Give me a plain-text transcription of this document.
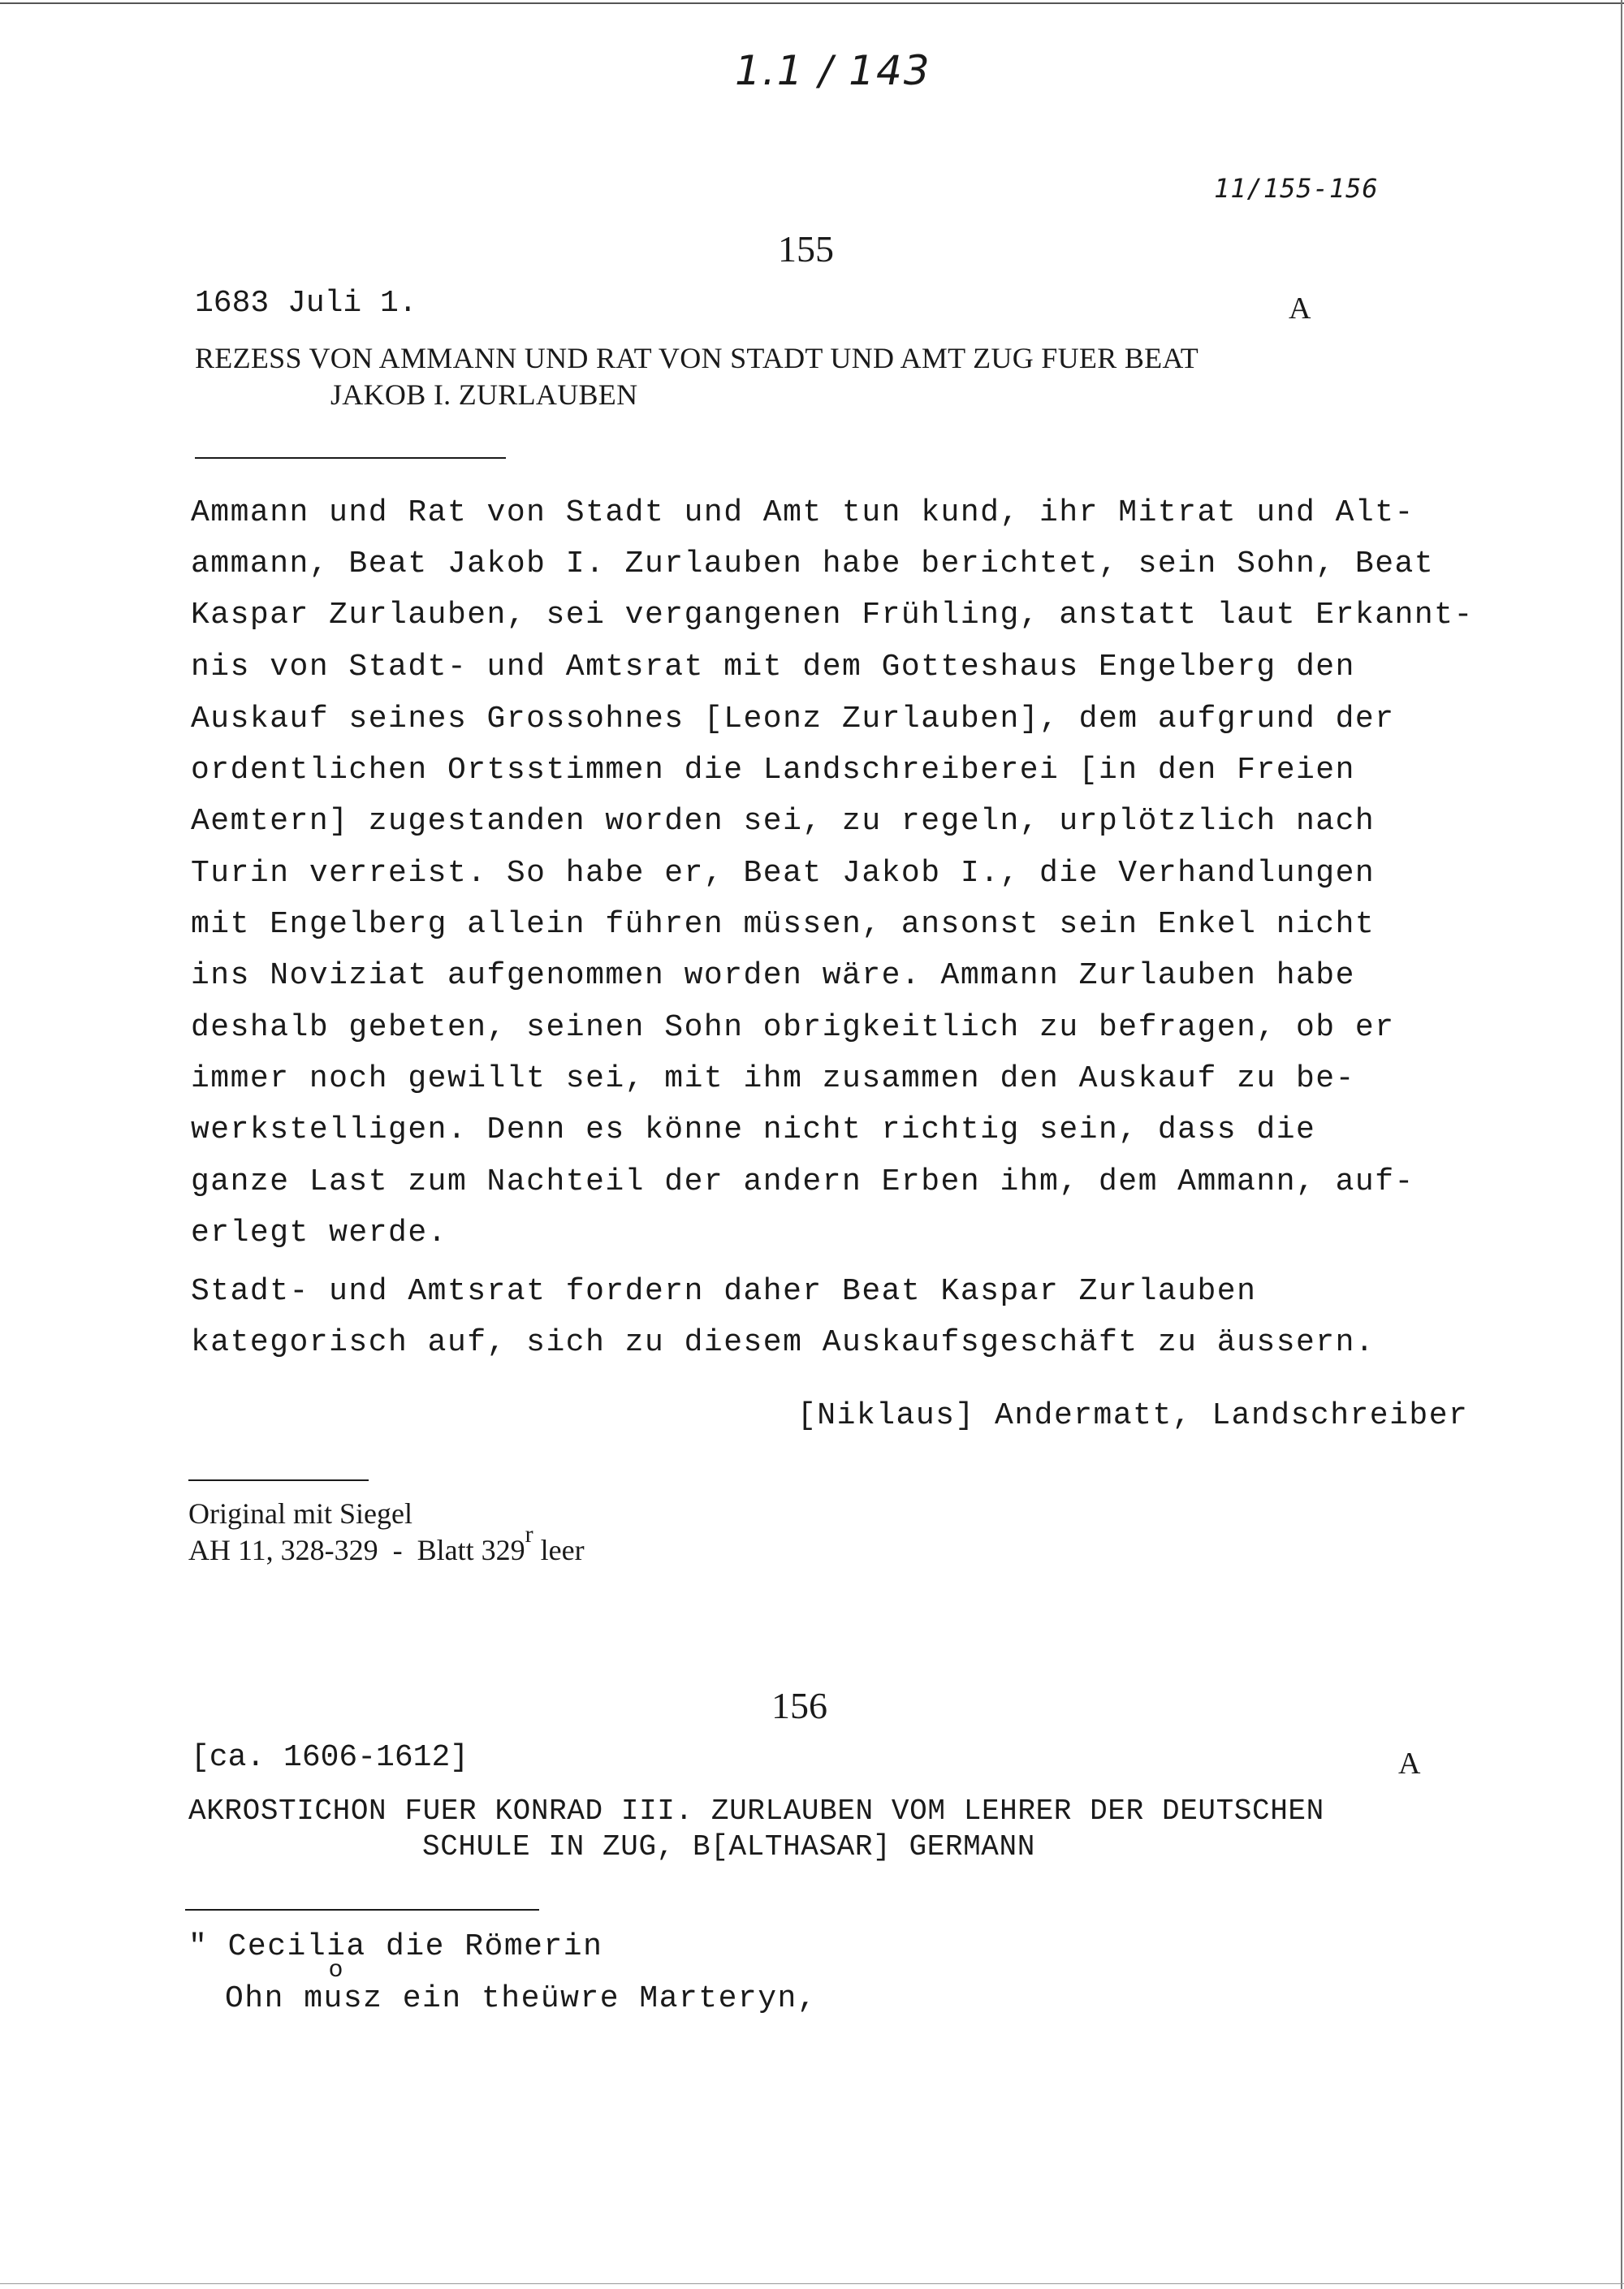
1.1 / 143
11/155-156
155
1683 Juli 1.	A
REZESS VON AMMANN UND RAT VON STADT UND AMT ZUG FUER BEAT
JAKOB I. ZURLAUBEN
Ammann und Rat von Stadt und Amt tun kund, ihr Mitrat und Alt-
ammann, Beat Jakob I. Zurlauben habe berichtet, sein Sohn, Beat
Kaspar Zurlauben, sei vergangenen Frühling, anstatt laut Erkannt-
nis von Stadt- und Amtsrat mit dem Gotteshaus Engelberg den
Auskauf seines Grossohnes [Leonz Zurlauben], dem aufgrund der
ordentlichen Ortsstimmen die Landschreiberei [in den Freien
Aemtern] zugestanden worden sei, zu regeln, urplötzlich nach
Turin verreist. So habe er, Beat Jakob I., die Verhandlungen
mit Engelberg allein führen müssen, ansonst sein Enkel nicht
ins Noviziat aufgenommen worden wäre. Ammann Zurlauben habe
deshalb gebeten, seinen Sohn obrigkeitlich zu befragen, ob er
immer noch gewillt sei, mit ihm zusammen den Auskauf zu be-
werkstelligen. Denn es könne nicht richtig sein, dass die
ganze Last zum Nachteil der andern Erben ihm, dem Ammann, auf-
erlegt werde.
Stadt- und Amtsrat fordern daher Beat Kaspar Zurlauben
kategorisch auf, sich zu diesem Auskaufsgeschäft zu äussern.
[Niklaus] Andermatt, Landschreiber
Original mit Siegel
AH 11, 328-329  -  Blatt 329$^r$ leer
156
[ca. 1606-1612]	A
AKROSTICHON FUER KONRAD III. ZURLAUBEN VOM LEHRER DER DEUTSCHEN
SCHULE IN ZUG, B[ALTHASAR] GERMANN
" Cecilia die Römerin
Ohn m
o
usz ein theüwre Marteryn,
